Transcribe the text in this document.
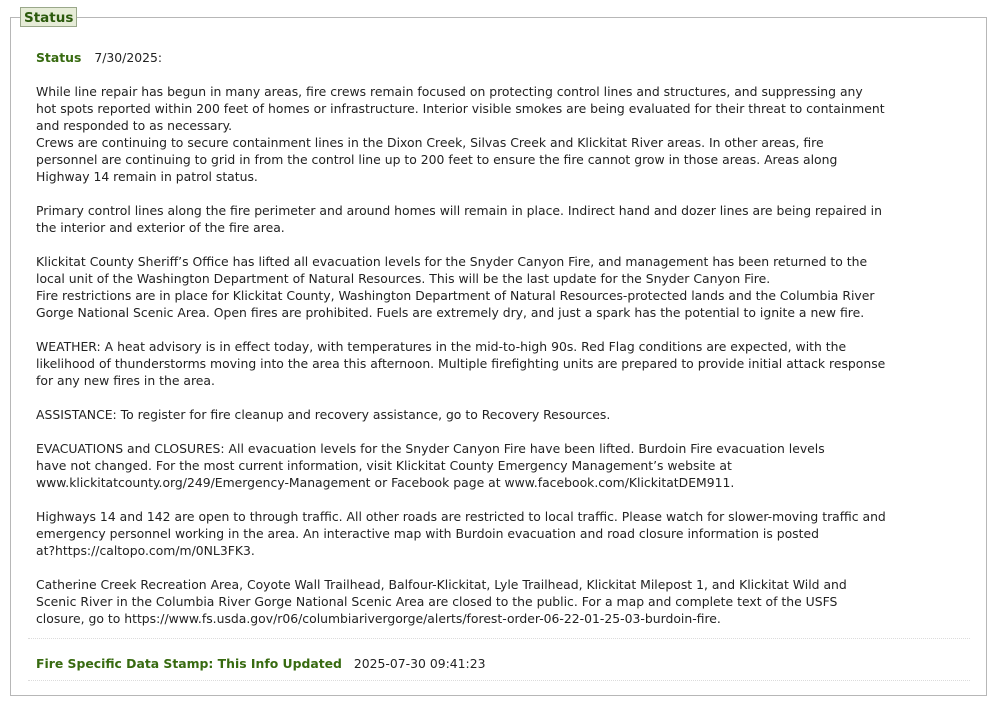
Status
Status 7/30/2025:
While line repair has begun in many areas, fire crews remain focused on protecting control lines and structures, and suppressing any
hot spots reported within 200 feet of homes or infrastructure. Interior visible smokes are being evaluated for their threat to containment
and responded to as necessary.
Crews are continuing to secure containment lines in the Dixon Creek, Silvas Creek and Klickitat River areas. In other areas, fire
personnel are continuing to grid in from the control line up to 200 feet to ensure the fire cannot grow in those areas. Areas along
Highway 14 remain in patrol status.
Primary control lines along the fire perimeter and around homes will remain in place. Indirect hand and dozer lines are being repaired in
the interior and exterior of the fire area.
Klickitat County Sheriff’s Office has lifted all evacuation levels for the Snyder Canyon Fire, and management has been returned to the
local unit of the Washington Department of Natural Resources. This will be the last update for the Snyder Canyon Fire.
Fire restrictions are in place for Klickitat County, Washington Department of Natural Resources-protected lands and the Columbia River
Gorge National Scenic Area. Open fires are prohibited. Fuels are extremely dry, and just a spark has the potential to ignite a new fire.
WEATHER: A heat advisory is in effect today, with temperatures in the mid-to-high 90s. Red Flag conditions are expected, with the
likelihood of thunderstorms moving into the area this afternoon. Multiple firefighting units are prepared to provide initial attack response
for any new fires in the area.
ASSISTANCE: To register for fire cleanup and recovery assistance, go to Recovery Resources.
EVACUATIONS and CLOSURES: All evacuation levels for the Snyder Canyon Fire have been lifted. Burdoin Fire evacuation levels
have not changed. For the most current information, visit Klickitat County Emergency Management’s website at
www.klickitatcounty.org/249/Emergency-Management or Facebook page at www.facebook.com/KlickitatDEM911.
Highways 14 and 142 are open to through traffic. All other roads are restricted to local traffic. Please watch for slower-moving traffic and
emergency personnel working in the area. An interactive map with Burdoin evacuation and road closure information is posted
at?https://caltopo.com/m/0NL3FK3.
Catherine Creek Recreation Area, Coyote Wall Trailhead, Balfour-Klickitat, Lyle Trailhead, Klickitat Milepost 1, and Klickitat Wild and
Scenic River in the Columbia River Gorge National Scenic Area are closed to the public. For a map and complete text of the USFS
closure, go to https://www.fs.usda.gov/r06/columbiarivergorge/alerts/forest-order-06-22-01-25-03-burdoin-fire.
Fire Specific Data Stamp: This Info Updated 2025-07-30 09:41:23
